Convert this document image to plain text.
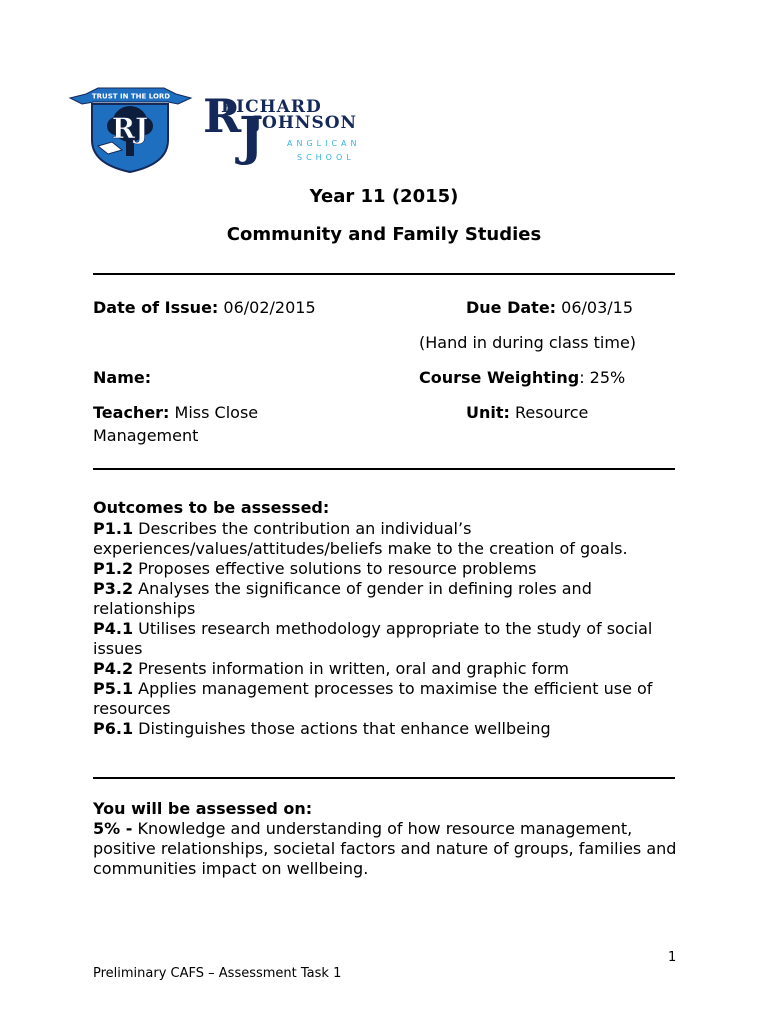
TRUST IN THE LORD
RJ R
RICHARD
J
JOHNSON
ANGLICAN
SCHOOL
Year 11 (2015)
Community and Family Studies
Date of Issue: 06/02/2015	Due Date: 06/03/15
(Hand in during class time)
Name:	Course Weighting: 25%
Teacher: Miss Close	Unit: Resource
Management
Outcomes to be assessed:
P1.1 Describes the contribution an individual’s experiences/values/attitudes/beliefs make to the creation of goals.
P1.2 Proposes effective solutions to resource problems
P3.2 Analyses the significance of gender in defining roles and relationships
P4.1 Utilises research methodology appropriate to the study of social issues
P4.2 Presents information in written, oral and graphic form
P5.1 Applies management processes to maximise the efficient use of resources
P6.1 Distinguishes those actions that enhance wellbeing
You will be assessed on:
5% - Knowledge and understanding of how resource management, positive relationships, societal factors and nature of groups, families and communities impact on wellbeing.
1
Preliminary CAFS – Assessment Task 1
